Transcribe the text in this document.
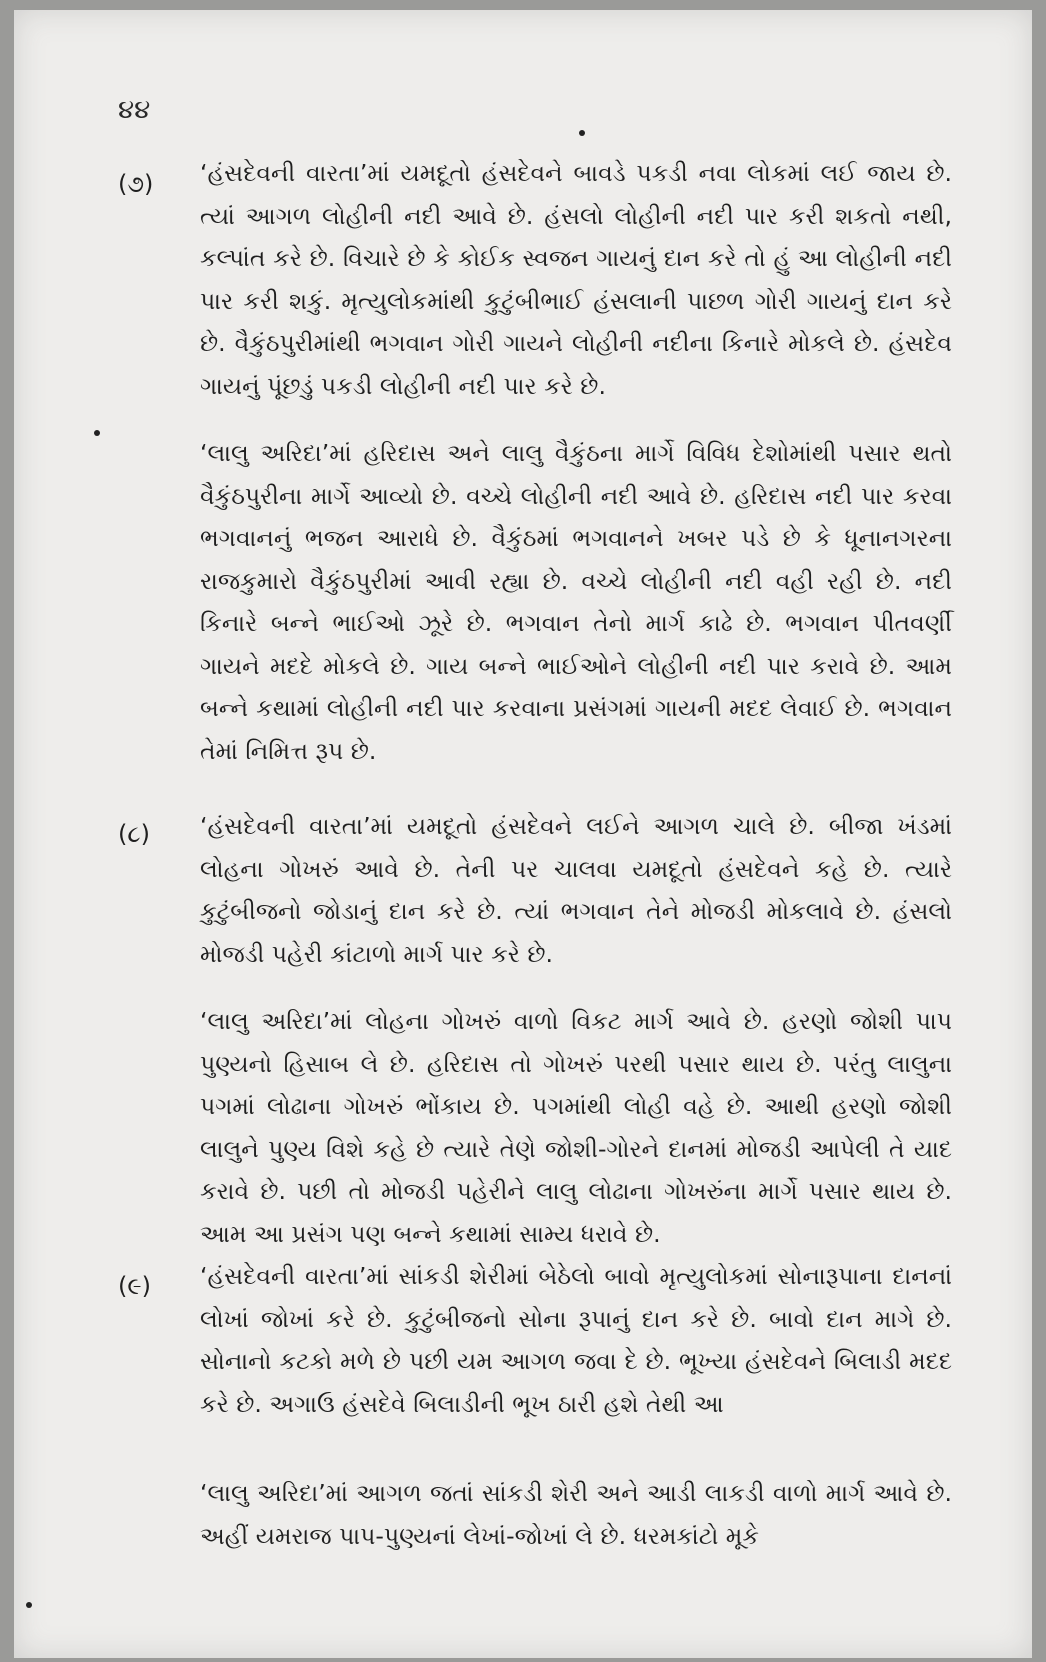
૪૪
(૭) ‘હંસદેવની વારતા’માં યમદૂતો હંસદેવને બાવડે પકડી નવા લોકમાં લઈ જાય છે. ત્યાં આગળ લોહીની નદી આવે છે. હંસલો લોહીની નદી પાર કરી શકતો નથી, કલ્પાંત કરે છે. વિચારે છે કે કોઈક સ્વજન ગાયનું દાન કરે તો હું આ લોહીની નદી પાર કરી શકું. મૃત્યુલોકમાંથી કુટુંબીભાઈ હંસલાની પાછળ ગોરી ગાયનું દાન કરે છે. વૈકુંઠપુરીમાંથી ભગવાન ગોરી ગાયને લોહીની નદીના કિનારે મોકલે છે. હંસદેવ ગાયનું પૂંછડું પકડી લોહીની નદી પાર કરે છે.

‘લાલુ અરિદા’માં હરિદાસ અને લાલુ વૈકુંઠના માર્ગે વિવિધ દેશોમાંથી પસાર થતો વૈકુંઠપુરીના માર્ગે આવ્યો છે. વચ્ચે લોહીની નદી આવે છે. હરિદાસ નદી પાર કરવા ભગવાનનું ભજન આરાધે છે. વૈકુંઠમાં ભગવાનને ખબર પડે છે કે ધૂનાનગરના રાજકુમારો વૈકુંઠપુરીમાં આવી રહ્યા છે. વચ્ચે લોહીની નદી વહી રહી છે. નદી કિનારે બન્ને ભાઈઓ ઝૂરે છે. ભગવાન તેનો માર્ગ કાઢે છે. ભગવાન પીતવર્ણી ગાયને મદદે મોકલે છે. ગાય બન્ને ભાઈઓને લોહીની નદી પાર કરાવે છે. આમ બન્ને કથામાં લોહીની નદી પાર કરવાના પ્રસંગમાં ગાયની મદદ લેવાઈ છે. ભગવાન તેમાં નિમિત્ત રૂપ છે.

(૮) ‘હંસદેવની વારતા’માં યમદૂતો હંસદેવને લઈને આગળ ચાલે છે. બીજા ખંડમાં લોહના ગોખરું આવે છે. તેની પર ચાલવા યમદૂતો હંસદેવને કહે છે. ત્યારે કુટુંબીજનો જોડાનું દાન કરે છે. ત્યાં ભગવાન તેને મોજડી મોકલાવે છે. હંસલો મોજડી પહેરી કાંટાળો માર્ગ પાર કરે છે.

‘લાલુ અરિદા’માં લોહના ગોખરું વાળો વિકટ માર્ગ આવે છે. હરણો જોશી પાપ પુણ્યનો હિસાબ લે છે. હરિદાસ તો ગોખરું પરથી પસાર થાય છે. પરંતુ લાલુના પગમાં લોઢાના ગોખરું ભોંકાય છે. પગમાંથી લોહી વહે છે. આથી હરણો જોશી લાલુને પુણ્ય વિશે કહે છે ત્યારે તેણે જોશી-ગોરને દાનમાં મોજડી આપેલી તે યાદ કરાવે છે. પછી તો મોજડી પહેરીને લાલુ લોઢાના ગોખરુંના માર્ગે પસાર થાય છે. આમ આ પ્રસંગ પણ બન્ને કથામાં સામ્ય ધરાવે છે.

(૯) ‘હંસદેવની વારતા’માં સાંકડી શેરીમાં બેઠેલો બાવો મૃત્યુલોકમાં સોનારૂપાના દાનનાં લોખાં જોખાં કરે છે. કુટુંબીજનો સોના રૂપાનું દાન કરે છે. બાવો દાન માગે છે. સોનાનો કટકો મળે છે પછી યમ આગળ જવા દે છે. ભૂખ્યા હંસદેવને બિલાડી મદદ કરે છે. અગાઉ હંસદેવે બિલાડીની ભૂખ ઠારી હશે તેથી આ

‘લાલુ અરિદા’માં આગળ જતાં સાંકડી શેરી અને આડી લાકડી વાળો માર્ગ આવે છે. અહીં યમરાજ પાપ-પુણ્યનાં લેખાં-જોખાં લે છે. ધરમકાંટો મૂકે
